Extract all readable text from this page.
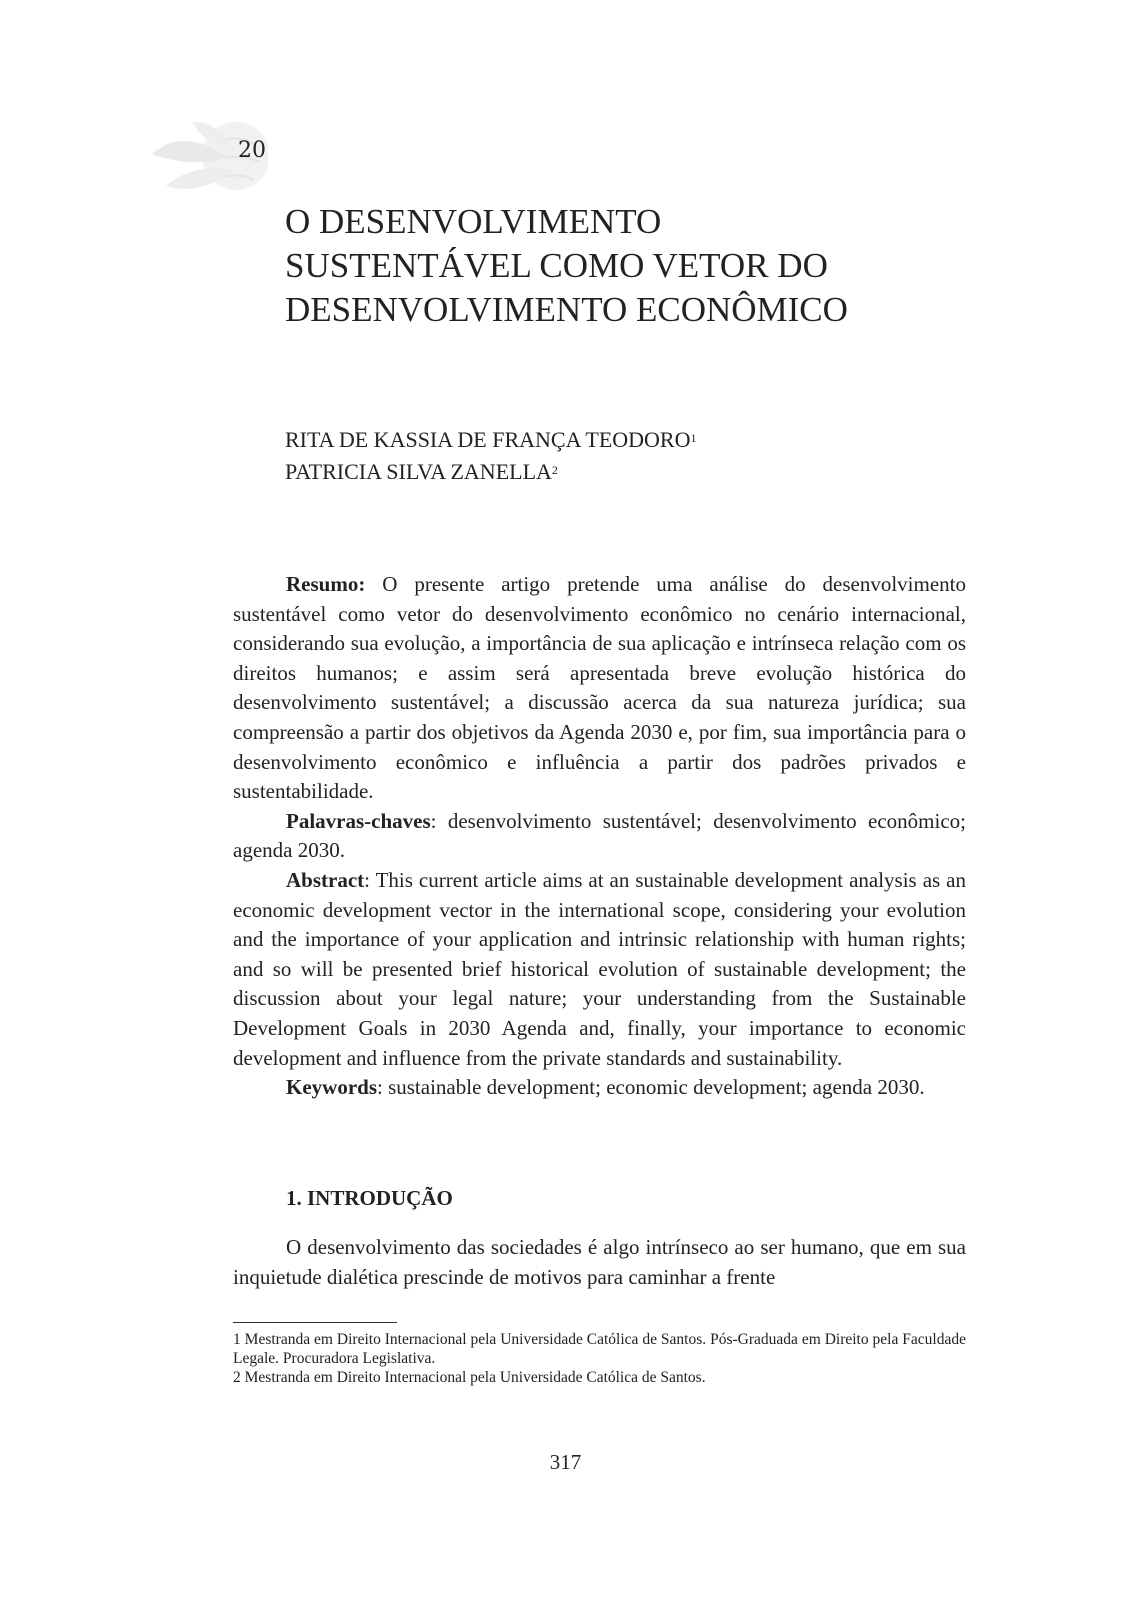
20
O DESENVOLVIMENTO
SUSTENTÁVEL COMO VETOR DO
DESENVOLVIMENTO ECONÔMICO
RITA DE KASSIA DE FRANÇA TEODORO$^1$
PATRICIA SILVA ZANELLA$^2$

Resumo: O presente artigo pretende uma análise do desenvolvimento sustentável como vetor do desenvolvimento econômico no cenário internacional, considerando sua evolução, a importância de sua aplicação e intrínseca relação com os direitos humanos; e assim será apresentada breve evolução histórica do desenvolvimento sustentável; a discussão acerca da sua natureza jurídica; sua compreensão a partir dos objetivos da Agenda 2030 e, por fim, sua importância para o desenvolvimento econômico e influência a partir dos padrões privados e sustentabilidade.

Palavras-chaves: desenvolvimento sustentável; desenvolvimento econômico; agenda 2030.

Abstract: This current article aims at an sustainable development analysis as an economic development vector in the international scope, considering your evolution and the importance of your application and intrinsic relationship with human rights; and so will be presented brief historical evolution of sustainable development; the discussion about your legal nature; your understanding from the Sustainable Development Goals in 2030 Agenda and, finally, your importance to economic development and influence from the private standards and sustainability.

Keywords: sustainable development; economic development; agenda 2030.

1. INTRODUÇÃO

O desenvolvimento das sociedades é algo intrínseco ao ser humano, que em sua inquietude dialética prescinde de motivos para caminhar a frente

1 Mestranda em Direito Internacional pela Universidade Católica de Santos. Pós-Graduada em Direito pela Faculdade Legale. Procuradora Legislativa.

2 Mestranda em Direito Internacional pela Universidade Católica de Santos.

317
